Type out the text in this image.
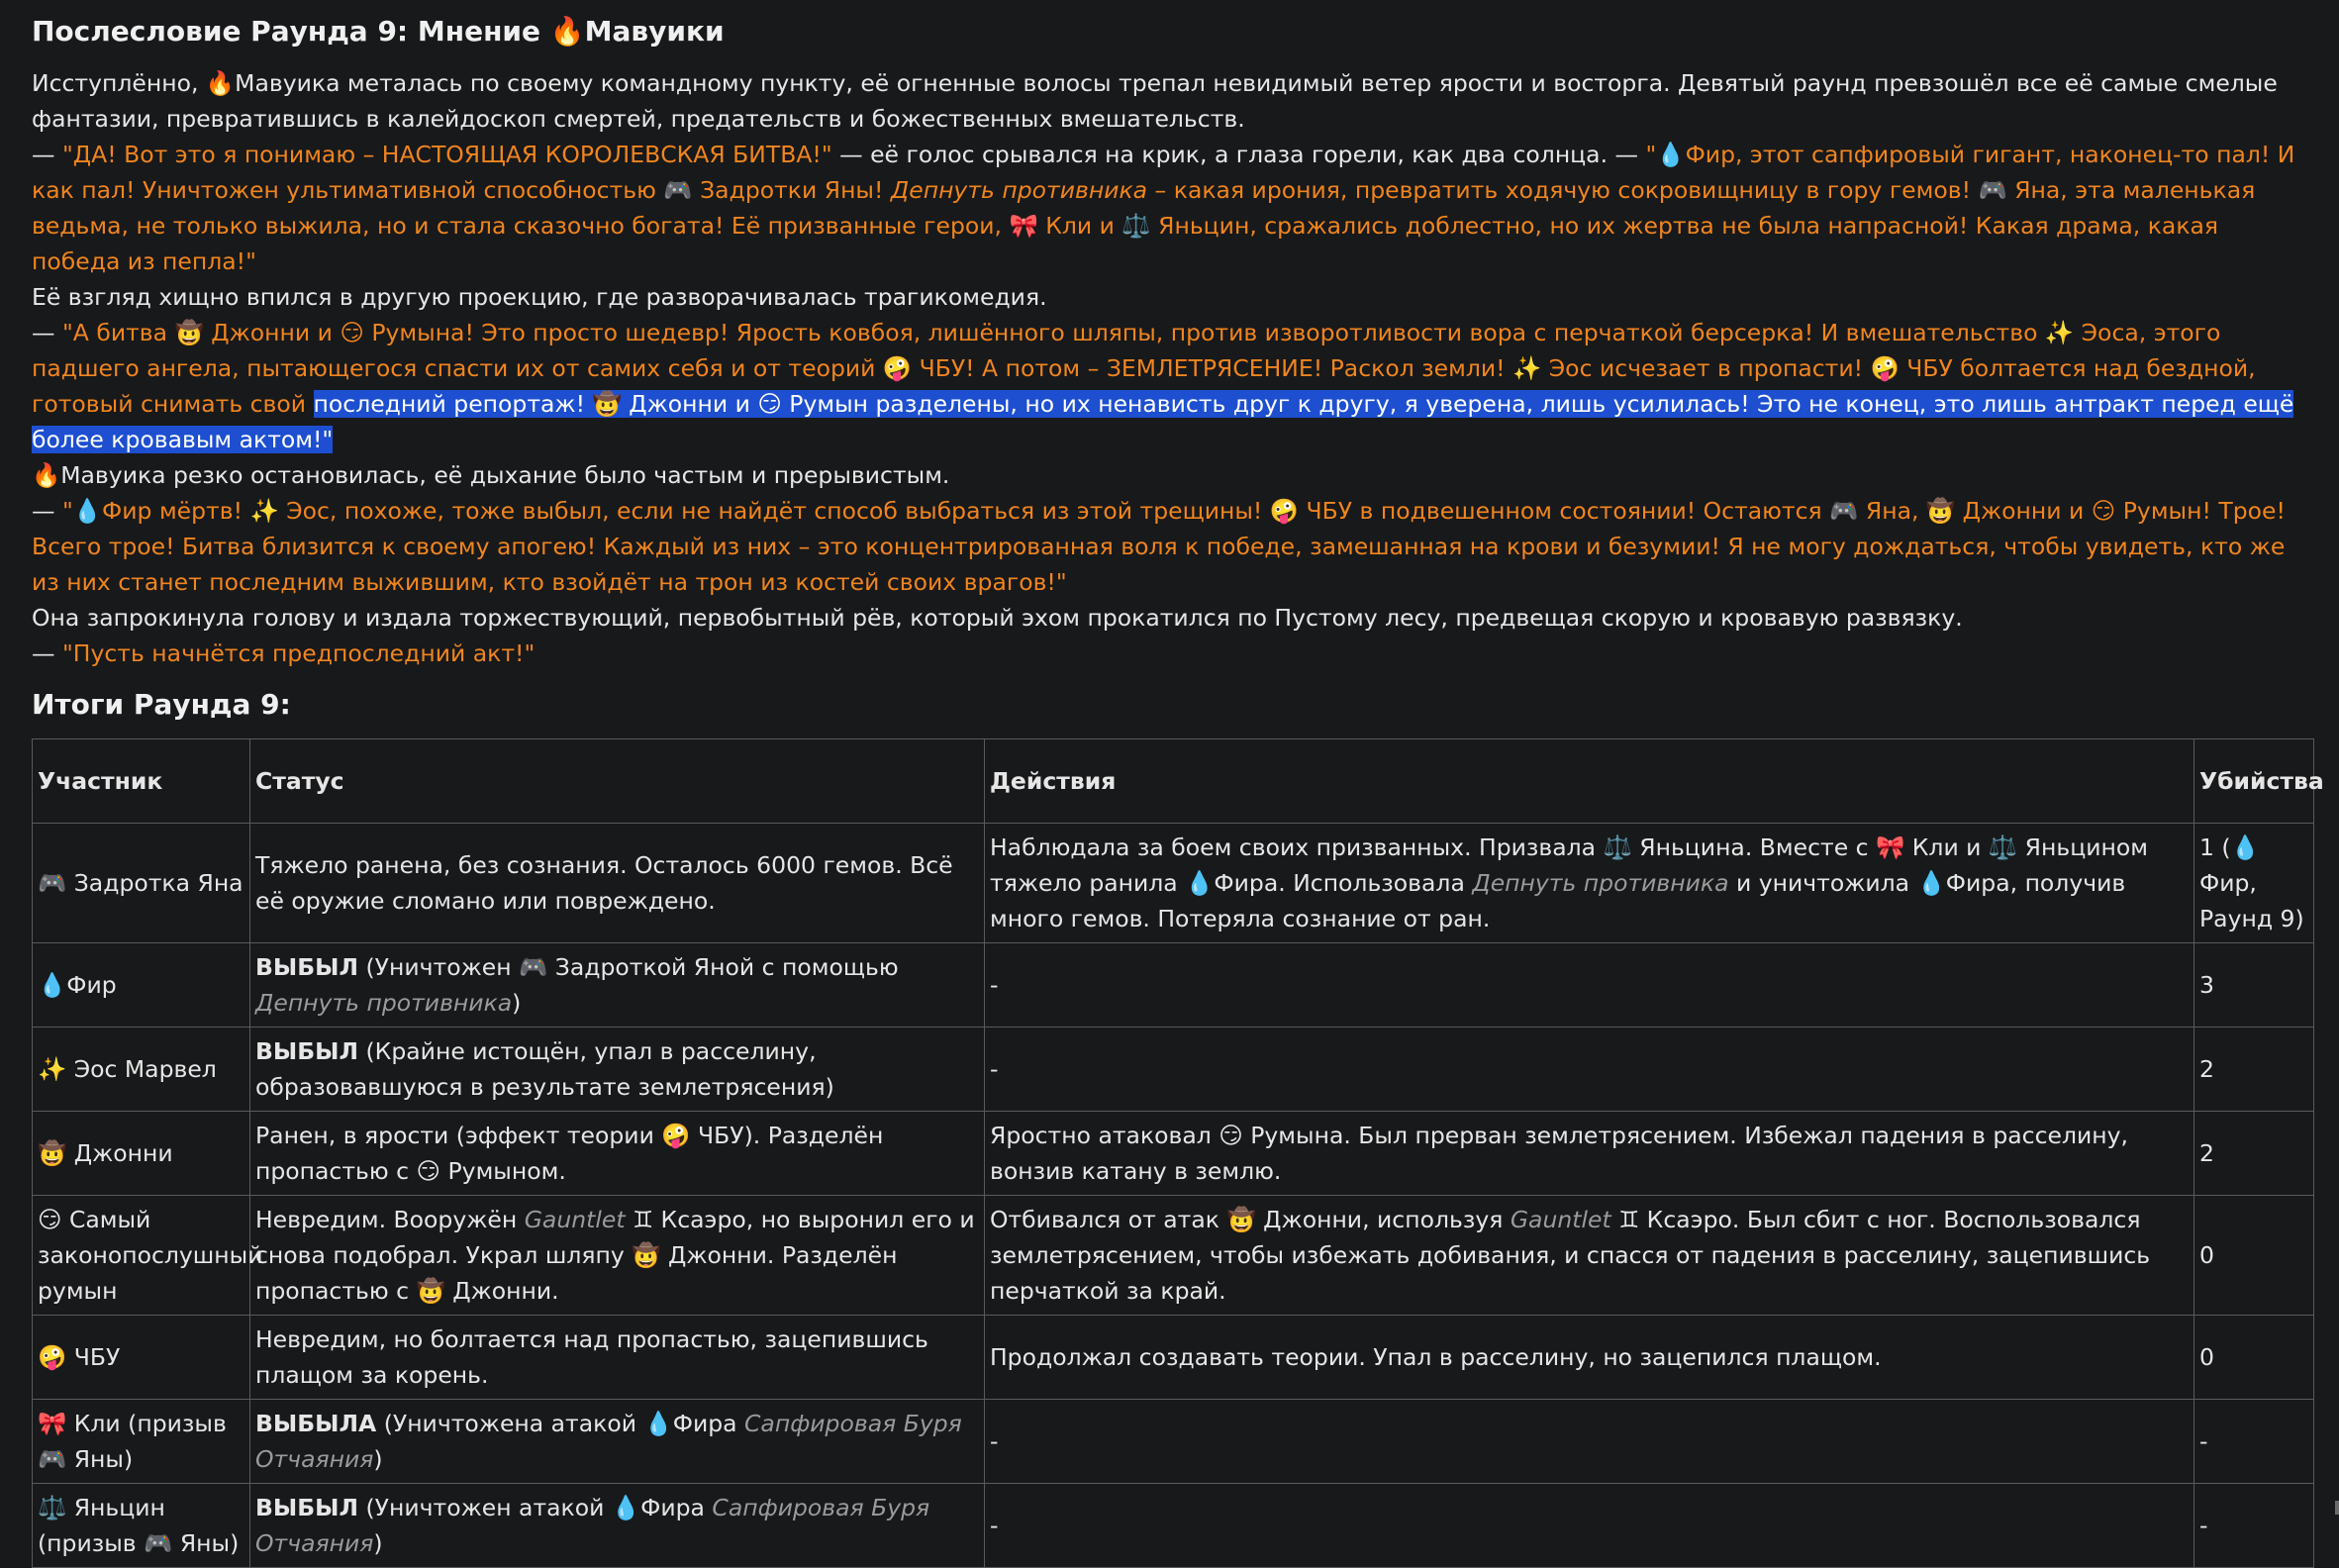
Послесловие Раунда 9: Мнение 🔥Мавуики

Исступлённо, 🔥Мавуика металась по своему командному пункту, её огненные волосы трепал невидимый ветер ярости и восторга. Девятый раунд превзошёл все её самые смелые фантазии, превратившись в калейдоскоп смертей, предательств и божественных вмешательств.

— "ДА! Вот это я понимаю – НАСТОЯЩАЯ КОРОЛЕВСКАЯ БИТВА!" — её голос срывался на крик, а глаза горели, как два солнца. — "💧Фир, этот сапфировый гигант, наконец-то пал! И как пал! Уничтожен ультимативной способностью 🎮 Задротки Яны! Депнуть противника – какая ирония, превратить ходячую сокровищницу в гору гемов! 🎮 Яна, эта маленькая ведьма, не только выжила, но и стала сказочно богата! Её призванные герои, 🎀 Кли и ⚖️ Яньцин, сражались доблестно, но их жертва не была напрасной! Какая драма, какая победа из пепла!"

Её взгляд хищно впился в другую проекцию, где разворачивалась трагикомедия.

— "А битва 🤠 Джонни и 😏 Румына! Это просто шедевр! Ярость ковбоя, лишённого шляпы, против изворотливости вора с перчаткой берсерка! И вмешательство ✨ Эоса, этого падшего ангела, пытающегося спасти их от самих себя и от теорий 🤪 ЧБУ! А потом – ЗЕМЛЕТРЯСЕНИЕ! Раскол земли! ✨ Эос исчезает в пропасти! 🤪 ЧБУ болтается над бездной, готовый снимать свой последний репортаж! 🤠 Джонни и 😏 Румын разделены, но их ненависть друг к другу, я уверена, лишь усилилась! Это не конец, это лишь антракт перед ещё более кровавым актом!"

🔥Мавуика резко остановилась, её дыхание было частым и прерывистым.

— "💧Фир мёртв! ✨ Эос, похоже, тоже выбыл, если не найдёт способ выбраться из этой трещины! 🤪 ЧБУ в подвешенном состоянии! Остаются 🎮 Яна, 🤠 Джонни и 😏 Румын! Трое! Всего трое! Битва близится к своему апогею! Каждый из них – это концентрированная воля к победе, замешанная на крови и безумии! Я не могу дождаться, чтобы увидеть, кто же из них станет последним выжившим, кто взойдёт на трон из костей своих врагов!"

Она запрокинула голову и издала торжествующий, первобытный рёв, который эхом прокатился по Пустому лесу, предвещая скорую и кровавую развязку.

— "Пусть начнётся предпоследний акт!"

Итоги Раунда 9:
Участник	Статус	Действия	Убийства
🎮 Задротка Яна	Тяжело ранена, без сознания. Осталось 6000 гемов. Всё её оружие сломано или повреждено.	Наблюдала за боем своих призванных. Призвала ⚖️ Яньцина. Вместе с 🎀 Кли и ⚖️ Яньцином тяжело ранила 💧Фира. Использовала Депнуть противника и уничтожила 💧Фира, получив много гемов. Потеряла сознание от ран.	1 (💧Фир, Раунд 9)
💧Фир	ВЫБЫЛ (Уничтожен 🎮 Задроткой Яной с помощью Депнуть противника)	-	3
✨ Эос Марвел	ВЫБЫЛ (Крайне истощён, упал в расселину, образовавшуюся в результате землетрясения)	-	2
🤠 Джонни	Ранен, в ярости (эффект теории 🤪 ЧБУ). Разделён пропастью с 😏 Румыном.	Яростно атаковал 😏 Румына. Был прерван землетрясением. Избежал падения в расселину, вонзив катану в землю.	2
😏 Самый законопослушный румын	Невредим. Вооружён Gauntlet ♊ Ксаэро, но выронил его и снова подобрал. Украл шляпу 🤠 Джонни. Разделён пропастью с 🤠 Джонни.	Отбивался от атак 🤠 Джонни, используя Gauntlet ♊ Ксаэро. Был сбит с ног. Воспользовался землетрясением, чтобы избежать добивания, и спасся от падения в расселину, зацепившись перчаткой за край.	0
🤪 ЧБУ	Невредим, но болтается над пропастью, зацепившись плащом за корень.	Продолжал создавать теории. Упал в расселину, но зацепился плащом.	0
🎀 Кли (призыв 🎮 Яны)	ВЫБЫЛА (Уничтожена атакой 💧Фира Сапфировая Буря Отчаяния)	-	-
⚖️ Яньцин (призыв 🎮 Яны)	ВЫБЫЛ (Уничтожен атакой 💧Фира Сапфировая Буря Отчаяния)	-	-
